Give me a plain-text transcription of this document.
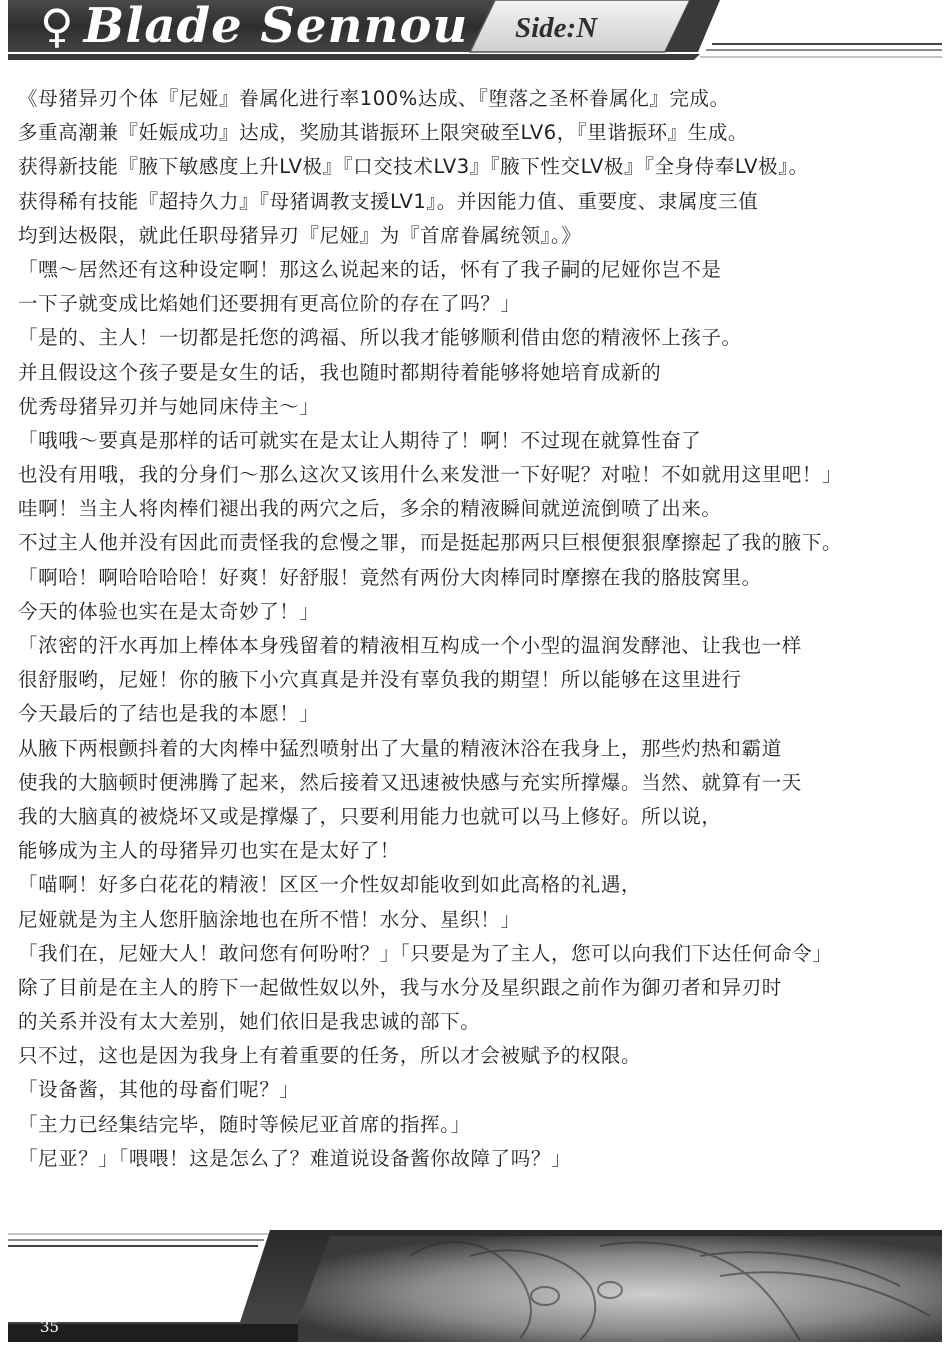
♀ Blade Sennou Side:N
《母猪异刃个体『尼娅』眷属化进行率100%达成、『堕落之圣杯眷属化』完成。
多重高潮兼『妊娠成功』达成，奖励其谐振环上限突破至LV6，『里谐振环』生成。
获得新技能『腋下敏感度上升LV极』『口交技术LV3』『腋下性交LV极』『全身侍奉LV极』。
获得稀有技能『超持久力』『母猪调教支援LV1』。并因能力值、重要度、隶属度三值
均到达极限，就此任职母猪异刃『尼娅』为『首席眷属统领』。》
「嘿～居然还有这种设定啊！那这么说起来的话，怀有了我子嗣的尼娅你岂不是
一下子就变成比焰她们还要拥有更高位阶的存在了吗？」
「是的、主人！一切都是托您的鸿福、所以我才能够顺利借由您的精液怀上孩子。
并且假设这个孩子要是女生的话，我也随时都期待着能够将她培育成新的
优秀母猪异刃并与她同床侍主～」
「哦哦～要真是那样的话可就实在是太让人期待了！啊！不过现在就算性奋了
也没有用哦，我的分身们～那么这次又该用什么来发泄一下好呢？对啦！不如就用这里吧！」
哇啊！当主人将肉棒们褪出我的两穴之后，多余的精液瞬间就逆流倒喷了出来。
不过主人他并没有因此而责怪我的怠慢之罪，而是挺起那两只巨根便狠狠摩擦起了我的腋下。
「啊哈！啊哈哈哈哈！好爽！好舒服！竟然有两份大肉棒同时摩擦在我的胳肢窝里。
今天的体验也实在是太奇妙了！」
「浓密的汗水再加上棒体本身残留着的精液相互构成一个小型的温润发酵池、让我也一样
很舒服哟，尼娅！你的腋下小穴真真是并没有辜负我的期望！所以能够在这里进行
今天最后的了结也是我的本愿！」
从腋下两根颤抖着的大肉棒中猛烈喷射出了大量的精液沐浴在我身上，那些灼热和霸道
使我的大脑顿时便沸腾了起来，然后接着又迅速被快感与充实所撑爆。当然、就算有一天
我的大脑真的被烧坏又或是撑爆了，只要利用能力也就可以马上修好。所以说，
能够成为主人的母猪异刃也实在是太好了！
「喵啊！好多白花花的精液！区区一介性奴却能收到如此高格的礼遇，
尼娅就是为主人您肝脑涂地也在所不惜！水分、星织！」
「我们在，尼娅大人！敢问您有何吩咐？」「只要是为了主人，您可以向我们下达任何命令」
除了目前是在主人的胯下一起做性奴以外，我与水分及星织跟之前作为御刃者和异刃时
的关系并没有太大差别，她们依旧是我忠诚的部下。
只不过，这也是因为我身上有着重要的任务，所以才会被赋予的权限。
「设备酱，其他的母畜们呢？」
「主力已经集结完毕，随时等候尼亚首席的指挥。」
「尼亚？」「喂喂！这是怎么了？难道说设备酱你故障了吗？」
35
